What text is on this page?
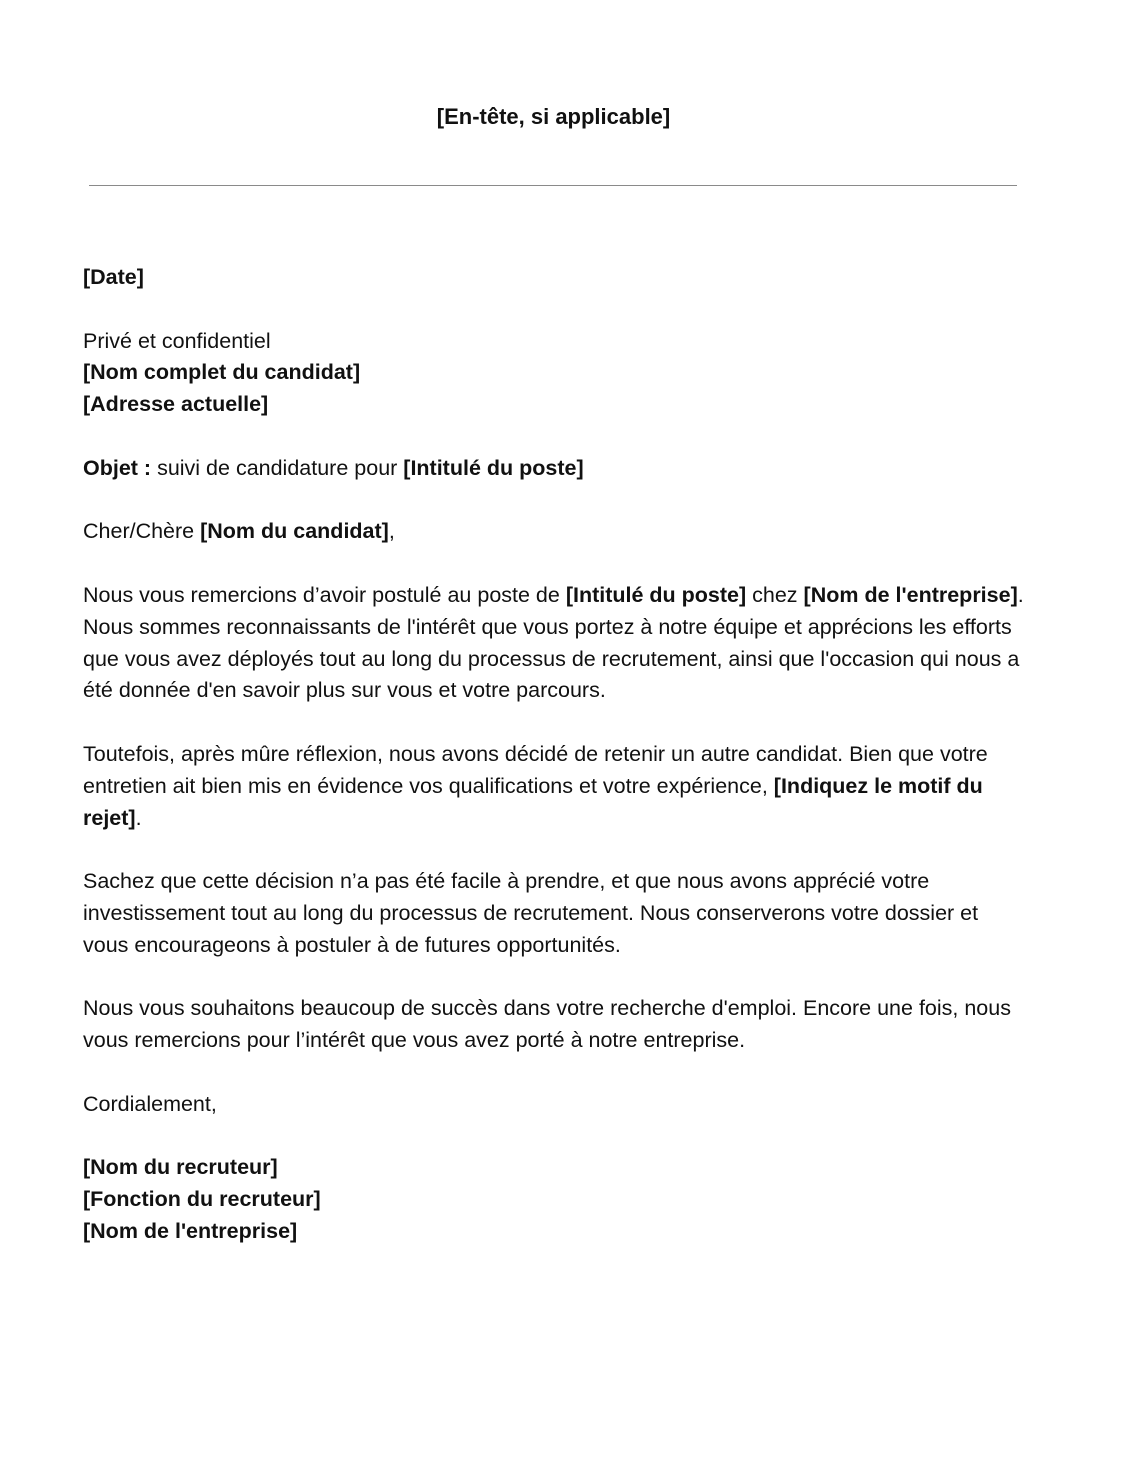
[En-tête, si applicable]

[Date]

Privé et confidentiel
[Nom complet du candidat]
[Adresse actuelle]

Objet : suivi de candidature pour [Intitulé du poste]

Cher/Chère [Nom du candidat],

Nous vous remercions d’avoir postulé au poste de [Intitulé du poste] chez [Nom de l'entreprise]. Nous sommes reconnaissants de l'intérêt que vous portez à notre équipe et apprécions les efforts que vous avez déployés tout au long du processus de recrutement, ainsi que l'occasion qui nous a été donnée d'en savoir plus sur vous et votre parcours.

Toutefois, après mûre réflexion, nous avons décidé de retenir un autre candidat. Bien que votre entretien ait bien mis en évidence vos qualifications et votre expérience, [Indiquez le motif du rejet].

Sachez que cette décision n’a pas été facile à prendre, et que nous avons apprécié votre investissement tout au long du processus de recrutement. Nous conserverons votre dossier et vous encourageons à postuler à de futures opportunités.

Nous vous souhaitons beaucoup de succès dans votre recherche d'emploi. Encore une fois, nous vous remercions pour l’intérêt que vous avez porté à notre entreprise.

Cordialement,

[Nom du recruteur]
[Fonction du recruteur]
[Nom de l'entreprise]
